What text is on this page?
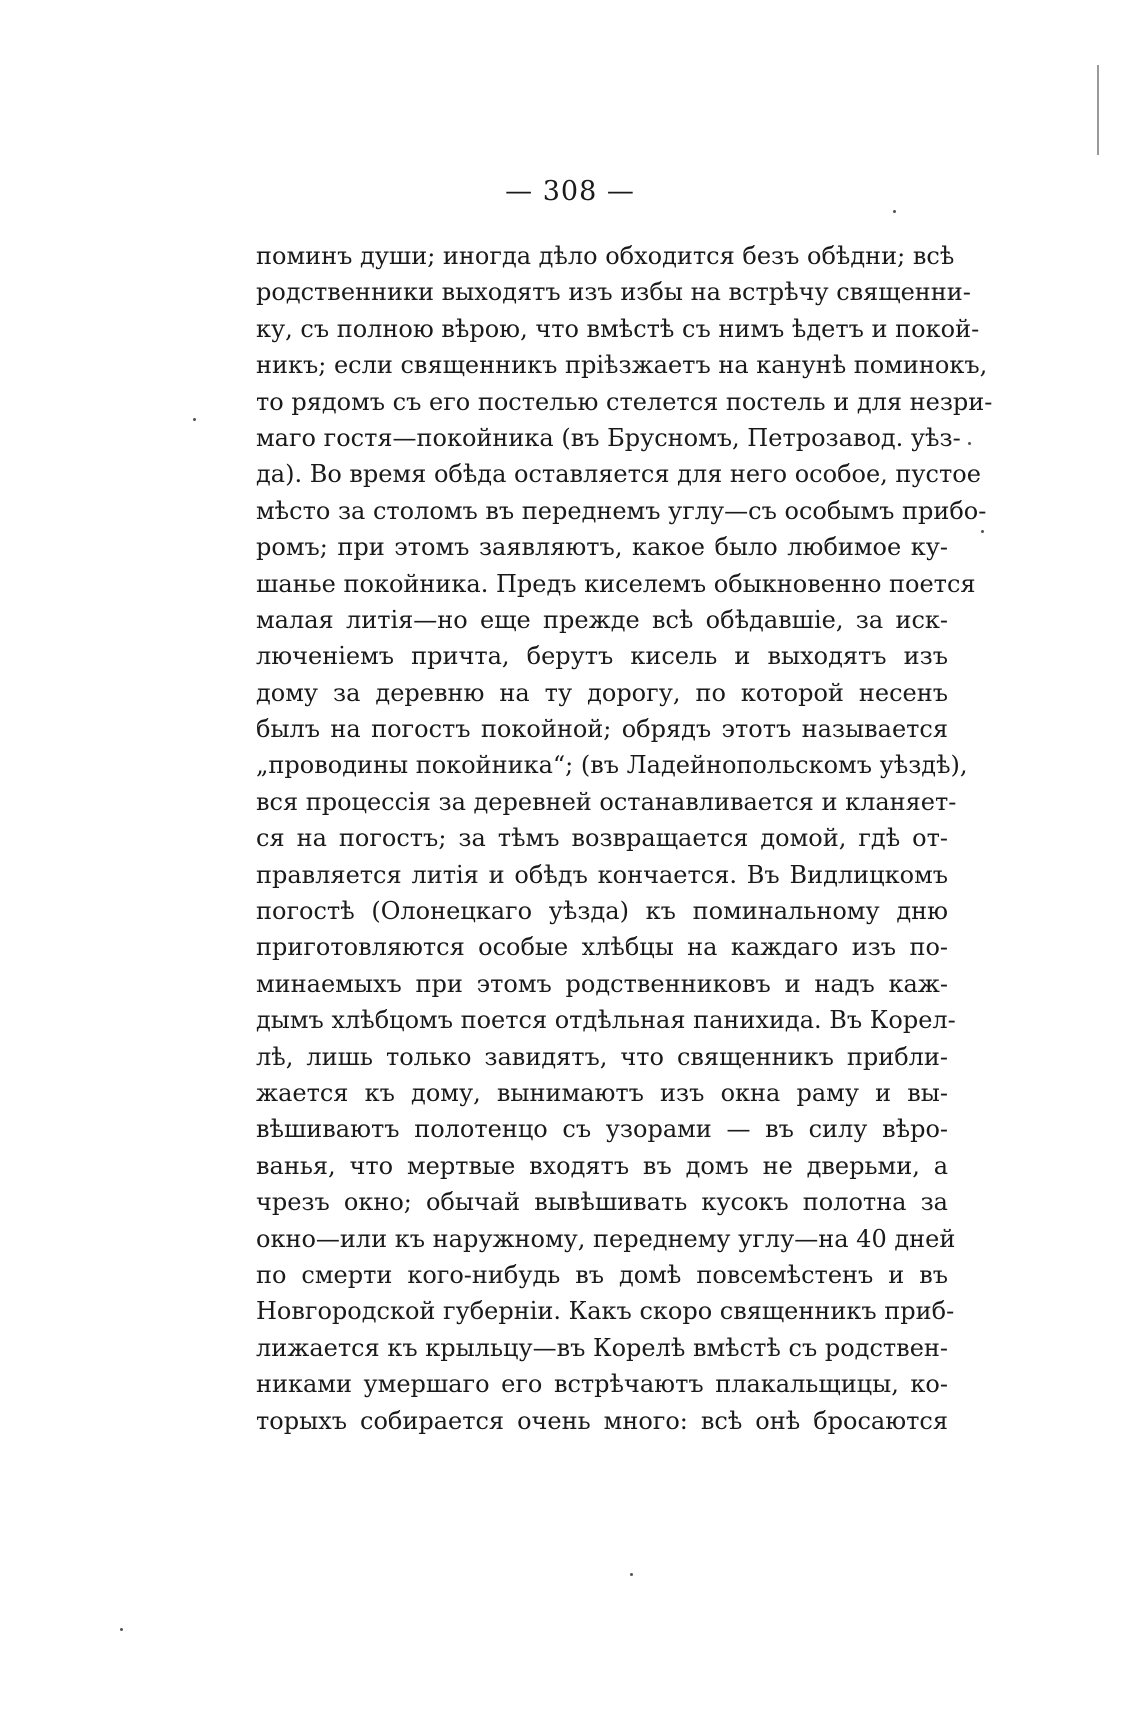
— 308 —
поминъ души; иногда дѣло обходится безъ обѣдни; всѣ
родственники выходятъ изъ избы на встрѣчу священни-
ку, съ полною вѣрою, что вмѣстѣ съ нимъ ѣдетъ и покой-
никъ; если священникъ пріѣзжаетъ на канунѣ поминокъ,
то рядомъ съ его постелью стелется постель и для незри-
маго гостя—покойника (въ Брусномъ, Петрозавод. уѣз-
да). Во время обѣда оставляется для него особое, пустое
мѣсто за столомъ въ переднемъ углу—съ особымъ прибо-
ромъ; при этомъ заявляютъ, какое было любимое ку-
шанье покойника. Предъ киселемъ обыкновенно поется
малая литія—но еще прежде всѣ обѣдавшіе, за иск-
люченіемъ причта, берутъ кисель и выходятъ изъ
дому за деревню на ту дорогу, по которой несенъ
былъ на погостъ покойной; обрядъ этотъ называется
„проводины покойника“; (въ Ладейнопольскомъ уѣздѣ),
вся процессія за деревней останавливается и кланяет-
ся на погостъ; за тѣмъ возвращается домой, гдѣ от-
правляется литія и обѣдъ кончается. Въ Видлицкомъ
погостѣ (Олонецкаго уѣзда) къ поминальному дню
приготовляются особые хлѣбцы на каждаго изъ по-
минаемыхъ при этомъ родственниковъ и надъ каж-
дымъ хлѣбцомъ поется отдѣльная панихида. Въ Корел-
лѣ, лишь только завидятъ, что священникъ прибли-
жается къ дому, вынимаютъ изъ окна раму и вы-
вѣшиваютъ полотенцо съ узорами — въ силу вѣро-
ванья, что мертвые входятъ въ домъ не дверьми, а
чрезъ окно; обычай вывѣшивать кусокъ полотна за
окно—или къ наружному, переднему углу—на 40 дней
по смерти кого-нибудь въ домѣ повсемѣстенъ и въ
Новгородской губерніи. Какъ скоро священникъ приб-
лижается къ крыльцу—въ Корелѣ вмѣстѣ съ родствен-
никами умершаго его встрѣчаютъ плакальщицы, ко-
торыхъ собирается очень много: всѣ онѣ бросаются
